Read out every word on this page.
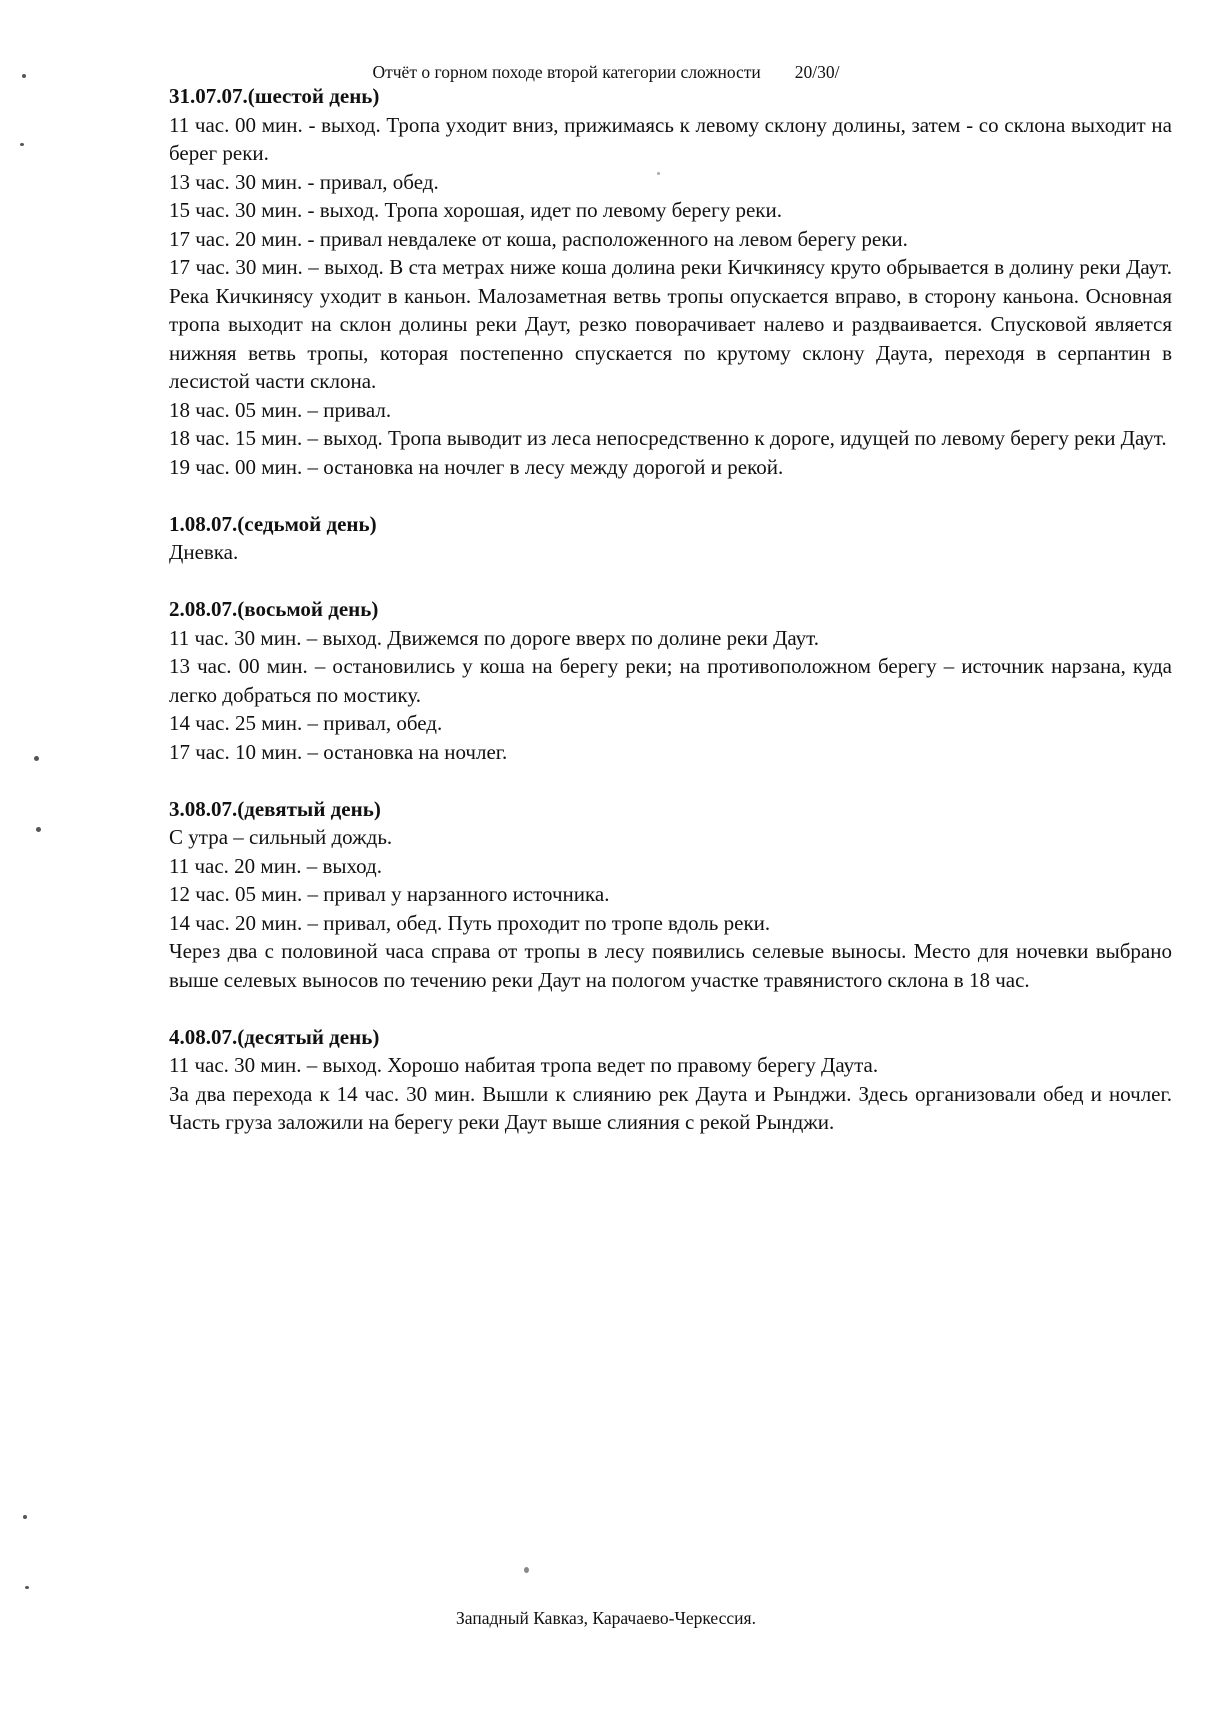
Отчёт о горном походе второй категории сложности 20/30/
31.07.07.(шестой день)
11 час. 00 мин. - выход. Тропа уходит вниз, прижимаясь к левому склону долины, затем - со склона выходит на берег реки.
13 час. 30 мин. - привал, обед.
15 час. 30 мин. - выход. Тропа хорошая, идет по левому берегу реки.
17 час. 20 мин. - привал невдалеке от коша, расположенного на левом берегу реки.
17 час. 30 мин. – выход. В ста метрах ниже коша долина реки Кичкинясу круто обрывается в долину реки Даут. Река Кичкинясу уходит в каньон. Малозаметная ветвь тропы опускается вправо, в сторону каньона. Основная тропа выходит на склон долины реки Даут, резко поворачивает налево и раздваивается. Спусковой является нижняя ветвь тропы, которая постепенно спускается по крутому склону Даута, переходя в серпантин в лесистой части склона.
18 час. 05 мин. – привал.
18 час. 15 мин. – выход. Тропа выводит из леса непосредственно к дороге, идущей по левому берегу реки Даут.
19 час. 00 мин. – остановка на ночлег в лесу между дорогой и рекой.
1.08.07.(седьмой день)
Дневка.
2.08.07.(восьмой день)
11 час. 30 мин. – выход. Движемся по дороге вверх по долине реки Даут.
13 час. 00 мин. – остановились у коша на берегу реки; на противоположном берегу – источник нарзана, куда легко добраться по мостику.
14 час. 25 мин. – привал, обед.
17 час. 10 мин. – остановка на ночлег.
3.08.07.(девятый день)
С утра – сильный дождь.
11 час. 20 мин. – выход.
12 час. 05 мин. – привал у нарзанного источника.
14 час. 20 мин. – привал, обед. Путь проходит по тропе вдоль реки.
Через два с половиной часа справа от тропы в лесу появились селевые выносы. Место для ночевки выбрано выше селевых выносов по течению реки Даут на пологом участке травянистого склона в 18 час.
4.08.07.(десятый день)
11 час. 30 мин. – выход. Хорошо набитая тропа ведет по правому берегу Даута.
За два перехода к 14 час. 30 мин. Вышли к слиянию рек Даута и Рынджи. Здесь организовали обед и ночлег. Часть груза заложили на берегу реки Даут выше слияния с рекой Рынджи.
Западный Кавказ, Карачаево-Черкессия.
